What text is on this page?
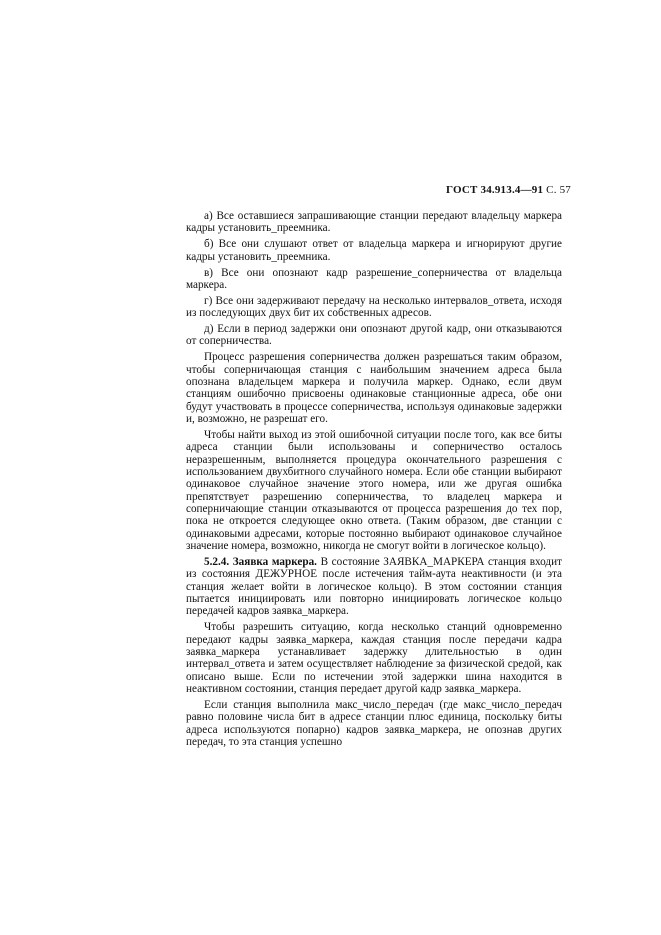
ГОСТ 34.913.4—91 С. 57

а) Все оставшиеся запрашивающие станции передают владельцу маркера кадры установить_преемника.

б) Все они слушают ответ от владельца маркера и игнорируют другие кадры установить_преемника.

в) Все они опознают кадр разрешение_соперничества от владельца маркера.

г) Все они задерживают передачу на несколько интервалов_ответа, исходя из последующих двух бит их собственных адресов.

д) Если в период задержки они опознают другой кадр, они отказываются от соперничества.

Процесс разрешения соперничества должен разрешаться таким образом, чтобы соперничающая станция с наибольшим значением адреса была опознана владельцем маркера и получила маркер. Однако, если двум станциям ошибочно присвоены одинаковые станционные адреса, обе они будут участвовать в процессе соперничества, используя одинаковые задержки и, возможно, не разрешат его.

Чтобы найти выход из этой ошибочной ситуации после того, как все биты адреса станции были использованы и соперничество осталось неразрешенным, выполняется процедура окончательного разрешения с использованием двухбитного случайного номера. Если обе станции выбирают одинаковое случайное значение этого номера, или же другая ошибка препятствует разрешению соперничества, то владелец маркера и соперничающие станции отказываются от процесса разрешения до тех пор, пока не откроется следующее окно ответа. (Таким образом, две станции с одинаковыми адресами, которые постоянно выбирают одинаковое случайное значение номера, возможно, никогда не смогут войти в логическое кольцо).

5.2.4. Заявка маркера. В состояние ЗАЯВКА_МАРКЕРА станция входит из состояния ДЕЖУРНОЕ после истечения тайм-аута неактивности (и эта станция желает войти в логическое кольцо). В этом состоянии станция пытается инициировать или повторно инициировать логическое кольцо передачей кадров заявка_маркера.

Чтобы разрешить ситуацию, когда несколько станций одновременно передают кадры заявка_маркера, каждая станция после передачи кадра заявка_маркера устанавливает задержку длительностью в один интервал_ответа и затем осуществляет наблюдение за физической средой, как описано выше. Если по истечении этой задержки шина находится в неактивном состоянии, станция передает другой кадр заявка_маркера.

Если станция выполнила макс_число_передач (где макс_число_передач равно половине числа бит в адресе станции плюс единица, поскольку биты адреса используются попарно) кадров заявка_маркера, не опознав других передач, то эта станция успешно
